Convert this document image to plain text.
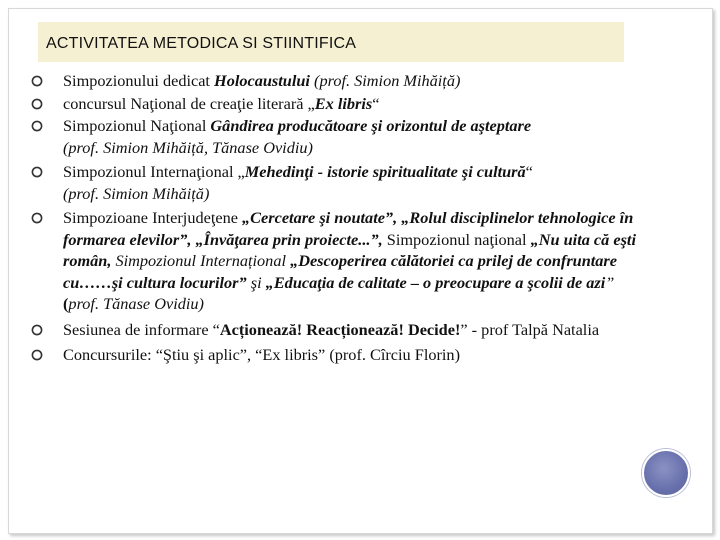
ACTIVITATEA METODICA SI STIINTIFICA
Simpozionului dedicat Holocaustului (prof. Simion Mihăiță)
concursul Naţional de creaţie literară „Ex libris“
Simpozionul Naţional Gândirea producătoare şi orizontul de aşteptare
(prof. Simion Mihăiță, Tănase Ovidiu)
Simpozionul Internaţional „Mehedinţi - istorie spiritualitate şi cultură“
(prof. Simion Mihăiță)
Simpozioane Interjudeţene „Cercetare şi noutate”, „Rolul disciplinelor tehnologice în formarea elevilor”, „Învăţarea prin proiecte...”, Simpozionul naţional „Nu uita că eşti român, Simpozionul Internațional „Descoperirea călătoriei ca prilej de confruntare cu……şi cultura locurilor” şi „Educaţia de calitate – o preocupare a şcolii de azi” (prof. Tănase Ovidiu)
Sesiunea de informare “Acționează! Reacționează! Decide!” - prof Talpă Natalia
Concursurile: “Ştiu şi aplic”, “Ex libris” (prof. Cîrciu Florin)
